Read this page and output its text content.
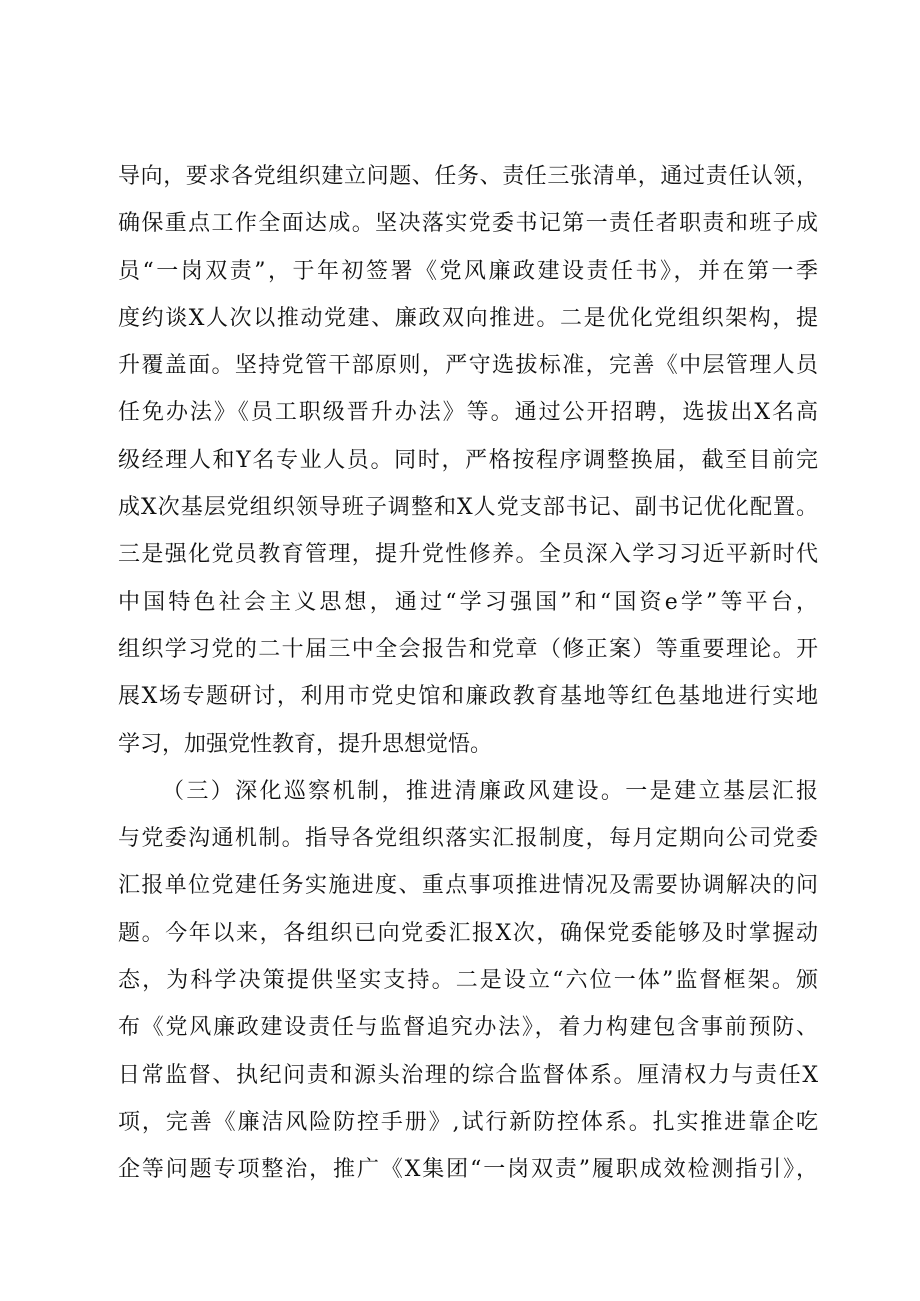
导向，要求各党组织建立问题、任务、责任三张清单，通过责任认领，
确保重点工作全面达成。坚决落实党委书记第一责任者职责和班子成
员“一岗双责”，于年初签署《党风廉政建设责任书》，并在第一季
度约谈X人次以推动党建、廉政双向推进。二是优化党组织架构，提
升覆盖面。坚持党管干部原则，严守选拔标准，完善《中层管理人员
任免办法》《员工职级晋升办法》等。通过公开招聘，选拔出X名高
级经理人和Y名专业人员。同时，严格按程序调整换届，截至目前完
成X次基层党组织领导班子调整和X人党支部书记、副书记优化配置。
三是强化党员教育管理，提升党性修养。全员深入学习习近平新时代
中国特色社会主义思想，通过“学习强国”和“国资e学”等平台，
组织学习党的二十届三中全会报告和党章（修正案）等重要理论。开
展X场专题研讨，利用市党史馆和廉政教育基地等红色基地进行实地
学习，加强党性教育，提升思想觉悟。
（三）深化巡察机制，推进清廉政风建设。一是建立基层汇报
与党委沟通机制。指导各党组织落实汇报制度，每月定期向公司党委
汇报单位党建任务实施进度、重点事项推进情况及需要协调解决的问
题。今年以来，各组织已向党委汇报X次，确保党委能够及时掌握动
态，为科学决策提供坚实支持。二是设立“六位一体”监督框架。颁
布《党风廉政建设责任与监督追究办法》，着力构建包含事前预防、
日常监督、执纪问责和源头治理的综合监督体系。厘清权力与责任X
项，完善《廉洁风险防控手册》,试行新防控体系。扎实推进靠企吃
企等问题专项整治，推广《X集团“一岗双责”履职成效检测指引》，
